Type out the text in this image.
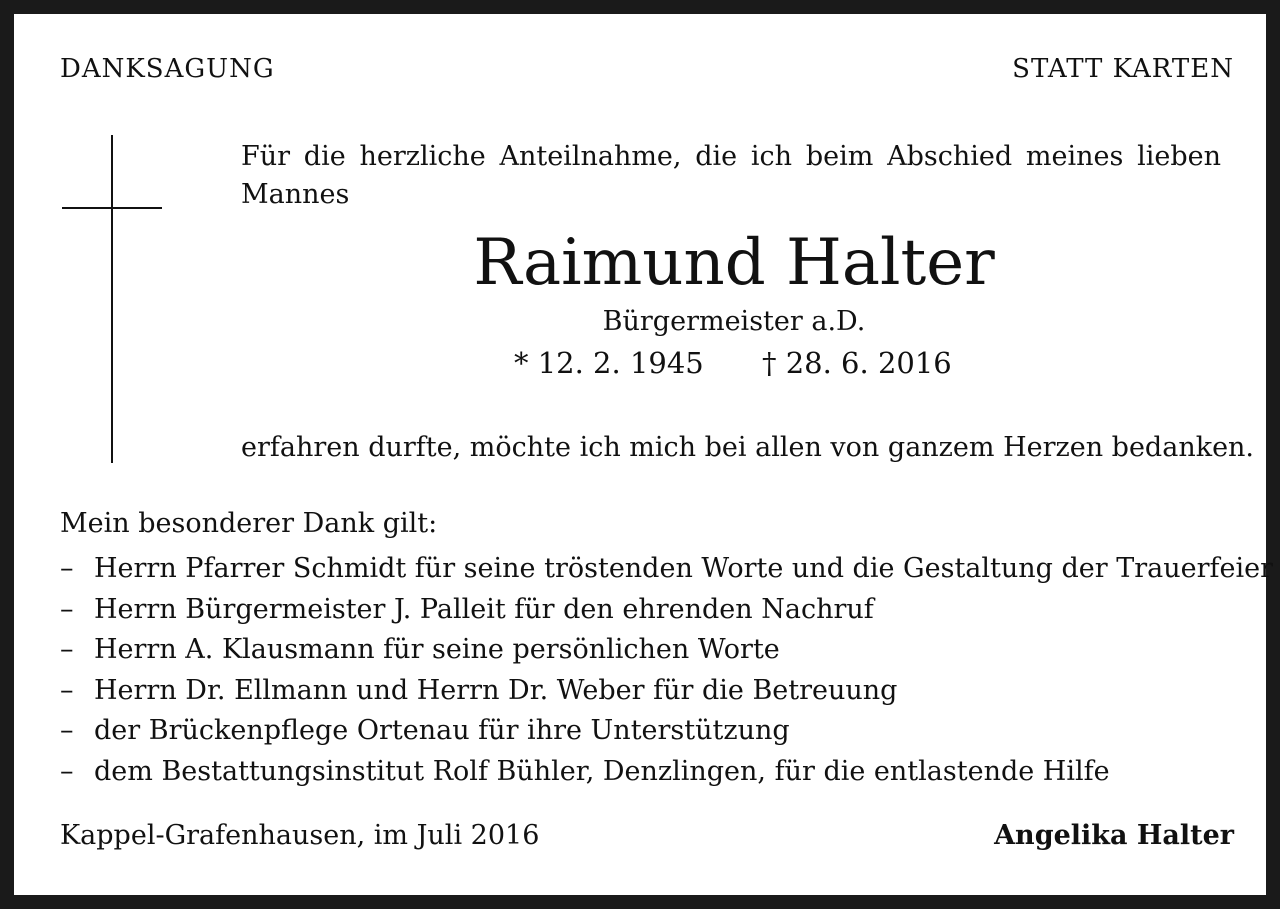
DANKSAGUNG	STATT KARTEN
Für die herzliche Anteilnahme, die ich beim Abschied meines lieben Mannes
Raimund Halter
Bürgermeister a.D.
* 12. 2. 1945 † 28. 6. 2016
erfahren durfte, möchte ich mich bei allen von ganzem Herzen bedanken.
Mein besonderer Dank gilt:
– Herrn Pfarrer Schmidt für seine tröstenden Worte und die Gestaltung der Trauerfeier
– Herrn Bürgermeister J. Palleit für den ehrenden Nachruf
– Herrn A. Klausmann für seine persönlichen Worte
– Herrn Dr. Ellmann und Herrn Dr. Weber für die Betreuung
– der Brückenpflege Ortenau für ihre Unterstützung
– dem Bestattungsinstitut Rolf Bühler, Denzlingen, für die entlastende Hilfe
Kappel-Grafenhausen, im Juli 2016	Angelika Halter
